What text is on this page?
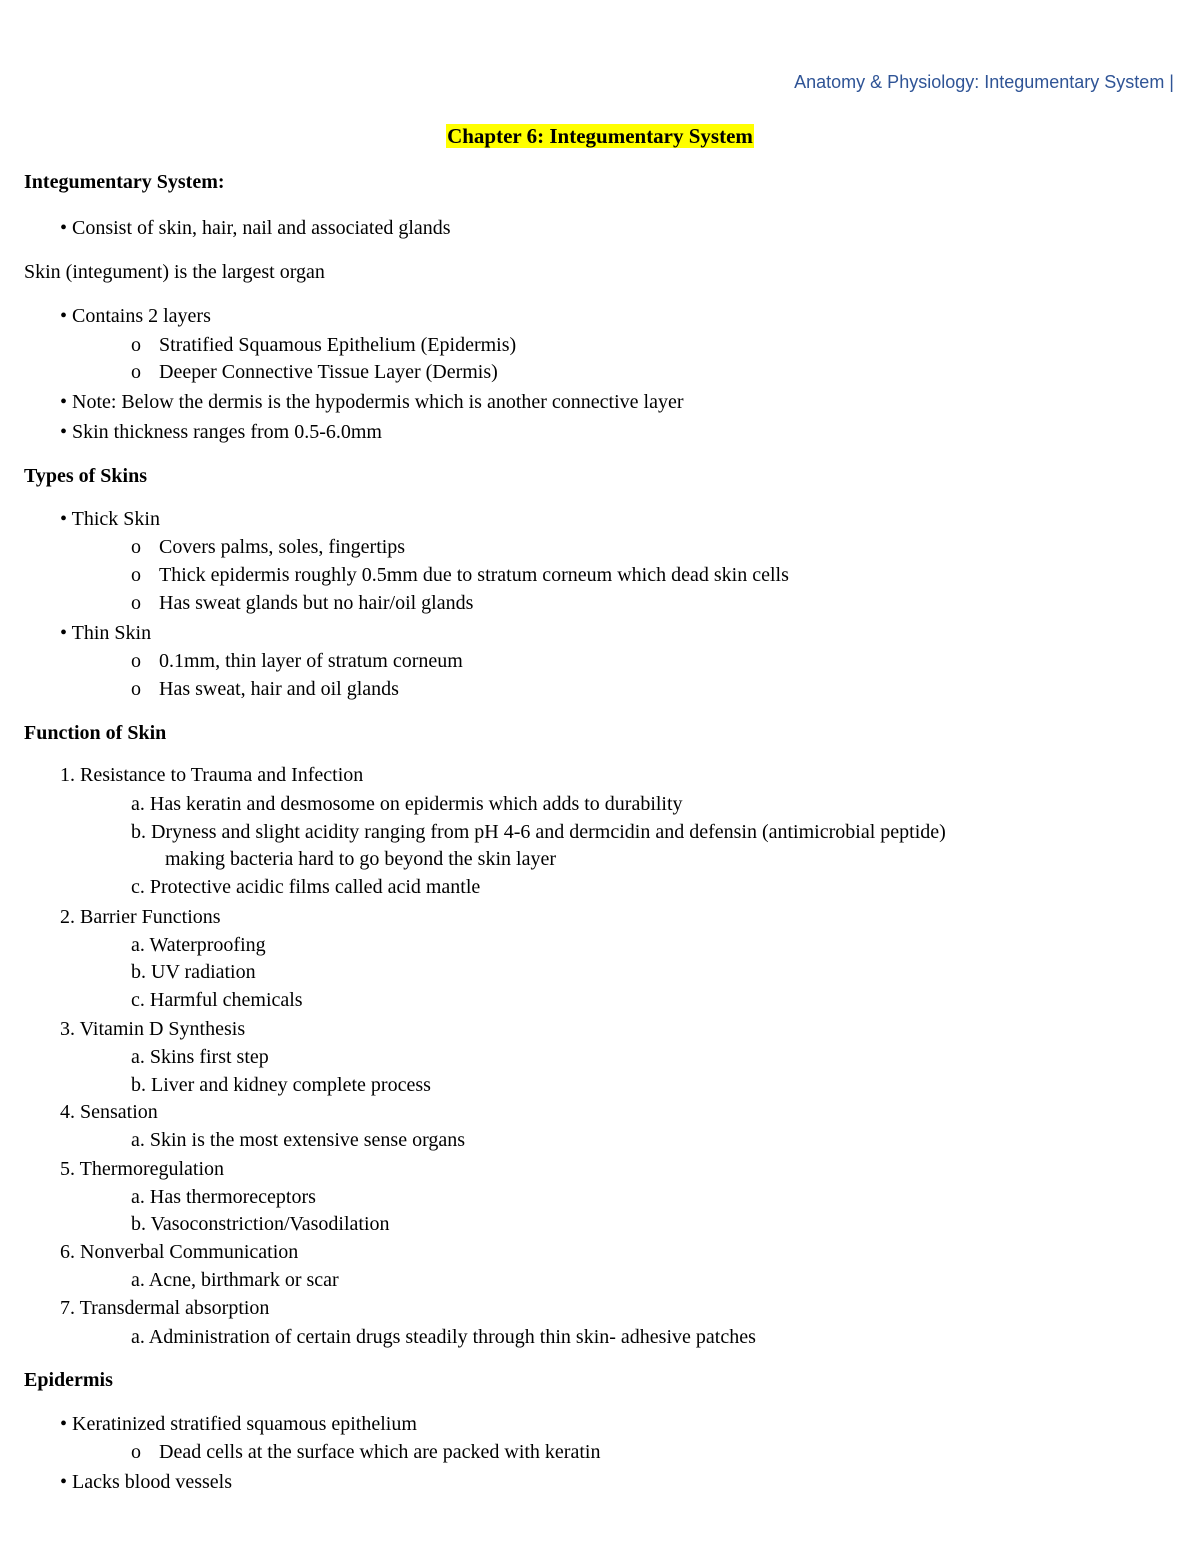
Anatomy & Physiology: Integumentary System |
Chapter 6: Integumentary System
Integumentary System:
• Consist of skin, hair, nail and associated glands
Skin (integument) is the largest organ
• Contains 2 layers
o Stratified Squamous Epithelium (Epidermis)
o Deeper Connective Tissue Layer (Dermis)
• Note: Below the dermis is the hypodermis which is another connective layer
• Skin thickness ranges from 0.5-6.0mm
Types of Skins
• Thick Skin
o Covers palms, soles, fingertips
o Thick epidermis roughly 0.5mm due to stratum corneum which dead skin cells
o Has sweat glands but no hair/oil glands
• Thin Skin
o 0.1mm, thin layer of stratum corneum
o Has sweat, hair and oil glands
Function of Skin
1. Resistance to Trauma and Infection
a. Has keratin and desmosome on epidermis which adds to durability
b. Dryness and slight acidity ranging from pH 4-6 and dermcidin and defensin (antimicrobial peptide)
making bacteria hard to go beyond the skin layer
c. Protective acidic films called acid mantle
2. Barrier Functions
a. Waterproofing
b. UV radiation
c. Harmful chemicals
3. Vitamin D Synthesis
a. Skins first step
b. Liver and kidney complete process
4. Sensation
a. Skin is the most extensive sense organs
5. Thermoregulation
a. Has thermoreceptors
b. Vasoconstriction/Vasodilation
6. Nonverbal Communication
a. Acne, birthmark or scar
7. Transdermal absorption
a. Administration of certain drugs steadily through thin skin- adhesive patches
Epidermis
• Keratinized stratified squamous epithelium
o Dead cells at the surface which are packed with keratin
• Lacks blood vessels
